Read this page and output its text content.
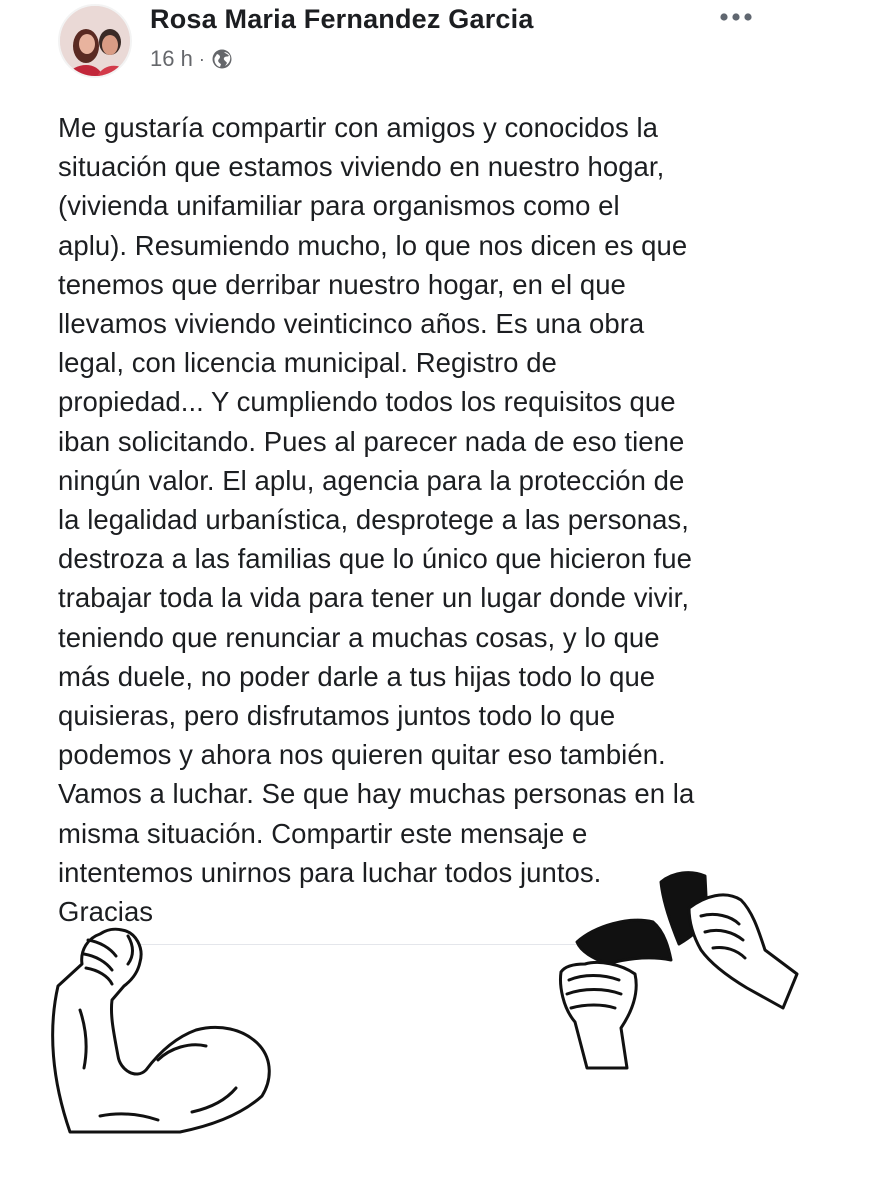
Rosa Maria Fernandez Garcia
16 h ·
Me gustaría compartir con amigos y conocidos la
situación que estamos viviendo en nuestro hogar,
(vivienda unifamiliar para organismos como el
aplu). Resumiendo mucho, lo que nos dicen es que
tenemos que derribar nuestro hogar, en el que
llevamos viviendo veinticinco años. Es una obra
legal, con licencia municipal. Registro de
propiedad... Y cumpliendo todos los requisitos que
iban solicitando. Pues al parecer nada de eso tiene
ningún valor. El aplu, agencia para la protección de
la legalidad urbanística, desprotege a las personas,
destroza a las familias que lo único que hicieron fue
trabajar toda la vida para tener un lugar donde vivir,
teniendo que renunciar a muchas cosas, y lo que
más duele, no poder darle a tus hijas todo lo que
quisieras, pero disfrutamos juntos todo lo que
podemos y ahora nos quieren quitar eso también.
Vamos a luchar. Se que hay muchas personas en la
misma situación. Compartir este mensaje e
intentemos unirnos para luchar todos juntos.
Gracias
